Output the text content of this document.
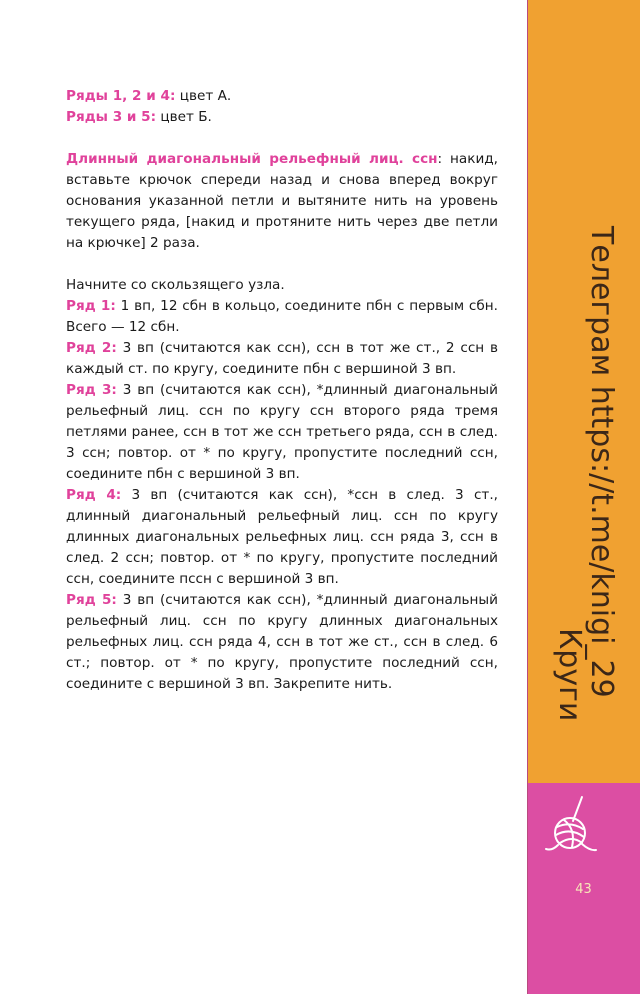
Ряды 1, 2 и 4: цвет А.

Ряды 3 и 5: цвет Б.

Длинный диагональный рельефный лиц. ссн: накид, вставьте крючок спереди назад и снова вперед вокруг основания указанной петли и вытяните нить на уровень текущего ряда, [накид и протяните нить через две петли на крючке] 2 раза.

Начните со скользящего узла.

Ряд 1: 1 вп, 12 сбн в кольцо, соедините пбн с первым сбн. Всего — 12 сбн.

Ряд 2: 3 вп (считаются как ссн), ссн в тот же ст., 2 ссн в каждый ст. по кругу, соедините пбн с вершиной 3 вп.

Ряд 3: 3 вп (считаются как ссн), *длинный диагональный рельефный лиц. ссн по кругу ссн второго ряда тремя петлями ранее, ссн в тот же ссн третьего ряда, ссн в след. 3 ссн; повтор. от * по кругу, пропустите последний ссн, соедините пбн с вершиной 3 вп.

Ряд 4: 3 вп (считаются как ссн), *ссн в след. 3 ст., длинный диагональный рельефный лиц. ссн по кругу длинных диагональных рельефных лиц. ссн ряда 3, ссн в след. 2 ссн; повтор. от * по кругу, пропустите последний ссн, соедините пссн с вершиной 3 вп.

Ряд 5: 3 вп (считаются как ссн), *длинный диагональный рельефный лиц. ссн по кругу длинных диагональных рельефных лиц. ссн ряда 4, ссн в тот же ст., ссн в след. 6 ст.; повтор. от * по кругу, пропустите последний ссн, соедините с вершиной 3 вп. Закрепите нить.	Телеграм https://t.me/knigi_29
Круги
43
